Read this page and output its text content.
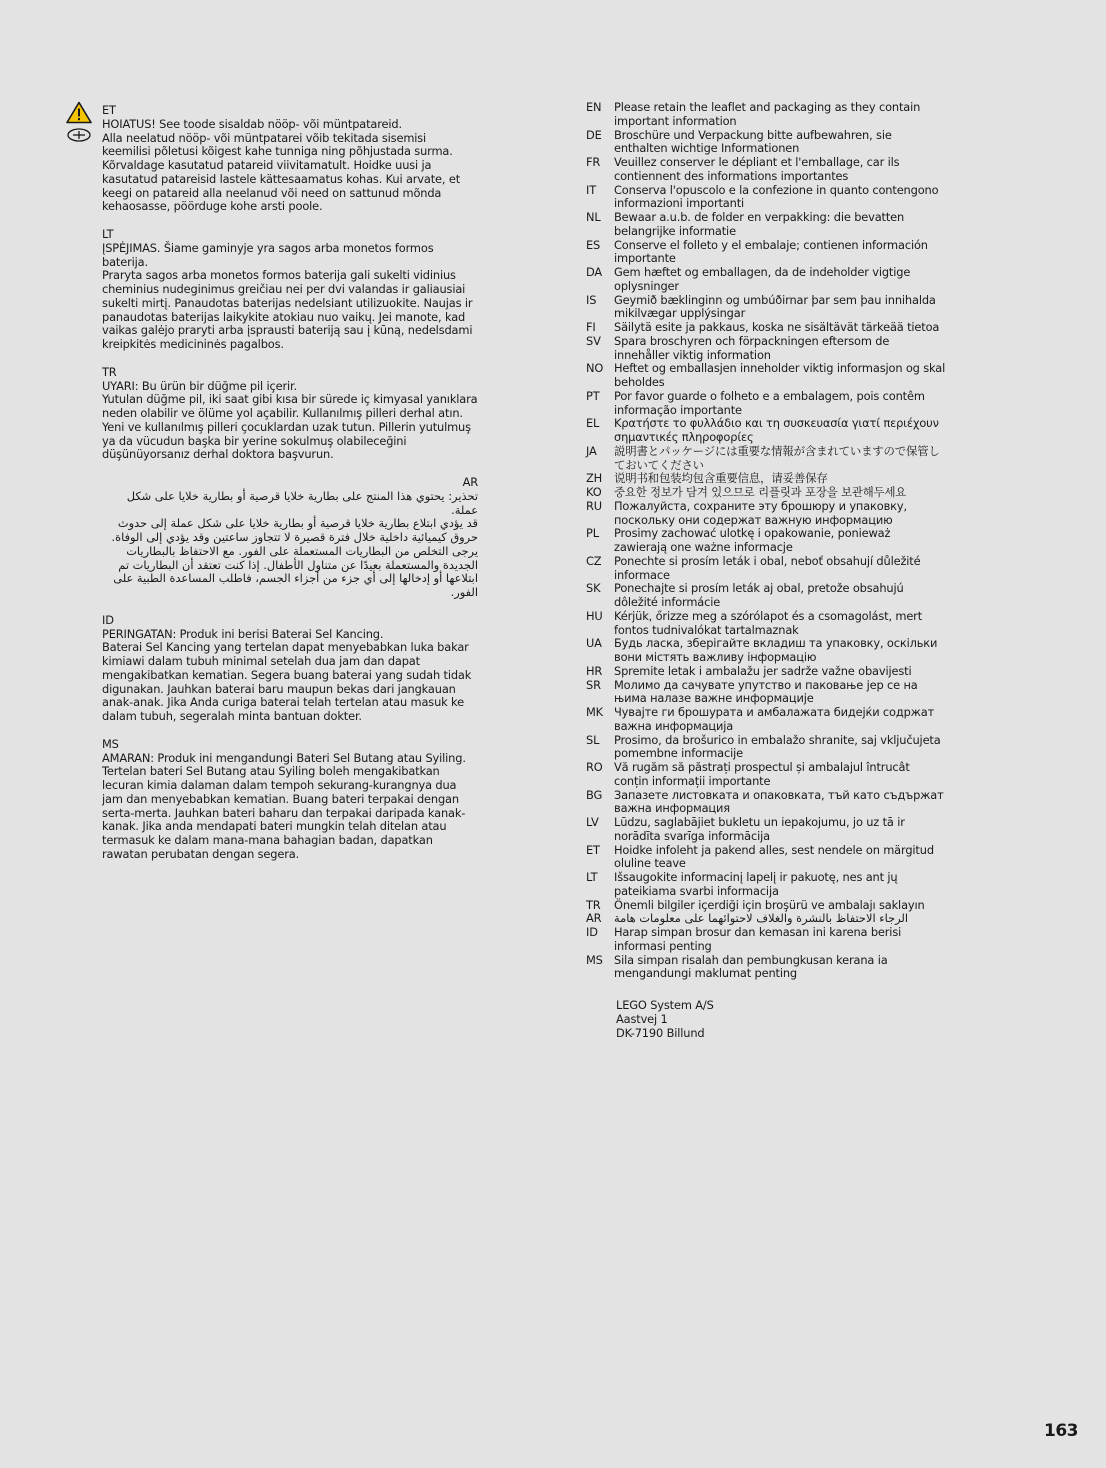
ET
HOIATUS! See toode sisaldab nööp- või müntpatareid.
Alla neelatud nööp- või müntpatarei võib tekitada sisemisi keemilisi põletusi kõigest kahe tunniga ning põhjustada surma. Kõrvaldage kasutatud patareid viivitamatult. Hoidke uusi ja kasutatud patareisid lastele kättesaamatus kohas. Kui arvate, et keegi on patareid alla neelanud või need on sattunud mõnda kehaosasse, pöörduge kohe arsti poole.
LT
ĮSPĖJIMAS. Šiame gaminyje yra sagos arba monetos formos baterija.
Praryta sagos arba monetos formos baterija gali sukelti vidinius cheminius nudeginimus greičiau nei per dvi valandas ir galiausiai sukelti mirtį. Panaudotas baterijas nedelsiant utilizuokite. Naujas ir panaudotas baterijas laikykite atokiau nuo vaikų. Jei manote, kad vaikas galėjo praryti arba įsprausti bateriją sau į kūną, nedelsdami kreipkitės medicininės pagalbos.
TR
UYARI: Bu ürün bir düğme pil içerir.
Yutulan düğme pil, iki saat gibi kısa bir sürede iç kimyasal yanıklara neden olabilir ve ölüme yol açabilir. Kullanılmış pilleri derhal atın. Yeni ve kullanılmış pilleri çocuklardan uzak tutun. Pillerin yutulmuş ya da vücudun başka bir yerine sokulmuş olabileceğini düşünüyorsanız derhal doktora başvurun.
AR
تحذير: يحتوي هذا المنتج على بطارية خلايا قرصية أو بطارية خلايا على شكل عملة.
قد يؤدي ابتلاع بطارية خلايا قرصية أو بطارية خلايا على شكل عملة إلى حدوث حروق كيميائية داخلية خلال فترة قصيرة لا تتجاوز ساعتين وقد يؤدي إلى الوفاة. يرجى التخلص من البطاريات المستعملة على الفور. مع الاحتفاظ بالبطاريات الجديدة والمستعملة بعيدًا عن متناول الأطفال. إذا كنت تعتقد أن البطاريات تم ابتلاعها أو إدخالها إلى أي جزء من أجزاء الجسم، فاطلب المساعدة الطبية على الفور.
ID
PERINGATAN: Produk ini berisi Baterai Sel Kancing.
Baterai Sel Kancing yang tertelan dapat menyebabkan luka bakar kimiawi dalam tubuh minimal setelah dua jam dan dapat mengakibatkan kematian. Segera buang baterai yang sudah tidak digunakan. Jauhkan baterai baru maupun bekas dari jangkauan anak-anak. Jika Anda curiga baterai telah tertelan atau masuk ke dalam tubuh, segeralah minta bantuan dokter.
MS
AMARAN: Produk ini mengandungi Bateri Sel Butang atau Syiling.
Tertelan bateri Sel Butang atau Syiling boleh mengakibatkan lecuran kimia dalaman dalam tempoh sekurang-kurangnya dua jam dan menyebabkan kematian. Buang bateri terpakai dengan serta-merta. Jauhkan bateri baharu dan terpakai daripada kanak-kanak. Jika anda mendapati bateri mungkin telah ditelan atau termasuk ke dalam mana-mana bahagian badan, dapatkan rawatan perubatan dengan segera.
EN	Please retain the leaflet and packaging as they contain important information
DE	Broschüre und Verpackung bitte aufbewahren, sie enthalten wichtige Informationen
FR	Veuillez conserver le dépliant et l'emballage, car ils contiennent des informations importantes
IT	Conserva l'opuscolo e la confezione in quanto contengono informazioni importanti
NL	Bewaar a.u.b. de folder en verpakking: die bevatten belangrijke informatie
ES	Conserve el folleto y el embalaje; contienen información importante
DA	Gem hæftet og emballagen, da de indeholder vigtige oplysninger
IS	Geymið bæklinginn og umbúðirnar þar sem þau innihalda mikilvægar upplýsingar
FI	Säilytä esite ja pakkaus, koska ne sisältävät tärkeää tietoa
SV	Spara broschyren och förpackningen eftersom de innehåller viktig information
NO Heftet og emballasjen inneholder viktig informasjon og skal beholdes
PT	Por favor guarde o folheto e a embalagem, pois contêm informação importante
EL	Κρατήστε το φυλλάδιο και τη συσκευασία γιατί περιέχουν σημαντικές πληροφορίες
JA	説明書とパッケージには重要な情報が含まれていますので保管しておいてください
ZH	说明书和包装均包含重要信息，请妥善保存
KO	중요한 정보가 담겨 있으므로 리플릿과 포장을 보관해두세요
RU	Пожалуйста, сохраните эту брошюру и упаковку, поскольку они содержат важную информацию
PL	Prosimy zachować ulotkę i opakowanie, ponieważ zawierają one ważne informacje
CZ	Ponechte si prosím leták i obal, neboť obsahují důležité informace
SK	Ponechajte si prosím leták aj obal, pretože obsahujú dôležité informácie
HU Kérjük, őrizze meg a szórólapot és a csomagolást, mert fontos tudnivalókat tartalmaznak
UA	Будь ласка, зберігайте вкладиш та упаковку, оскільки вони містять важливу інформацію
HR	Spremite letak i ambalažu jer sadrže važne obavijesti
SR	Молимо да сачувате упутство и паковање јер се на њима налазе важне информације
MK Чувајте ги брошурата и амбалажата бидејќи содржат важна информација
SL	Prosimo, da brošurico in embalažo shranite, saj vključujeta pomembne informacije
RO	Vă rugăm să păstrați prospectul și ambalajul întrucât conțin informații importante
BG	Запазете листовката и опаковката, тъй като съдържат важна информация
LV	Lūdzu, saglabājiet bukletu un iepakojumu, jo uz tā ir norādīta svarīga informācija
ET	Hoidke infoleht ja pakend alles, sest nendele on märgitud oluline teave
LT	Išsaugokite informacinį lapelį ir pakuotę, nes ant jų pateikiama svarbi informacija
TR	Önemli bilgiler içerdiği için broşürü ve ambalajı saklayın
AR	الرجاء الاحتفاظ بالنشرة والغلاف لاحتوائهما على معلومات هامة
ID	Harap simpan brosur dan kemasan ini karena berisi informasi penting
MS Sila simpan risalah dan pembungkusan kerana ia mengandungi maklumat penting
LEGO System A/S
Aastvej 1
DK-7190 Billund
163
